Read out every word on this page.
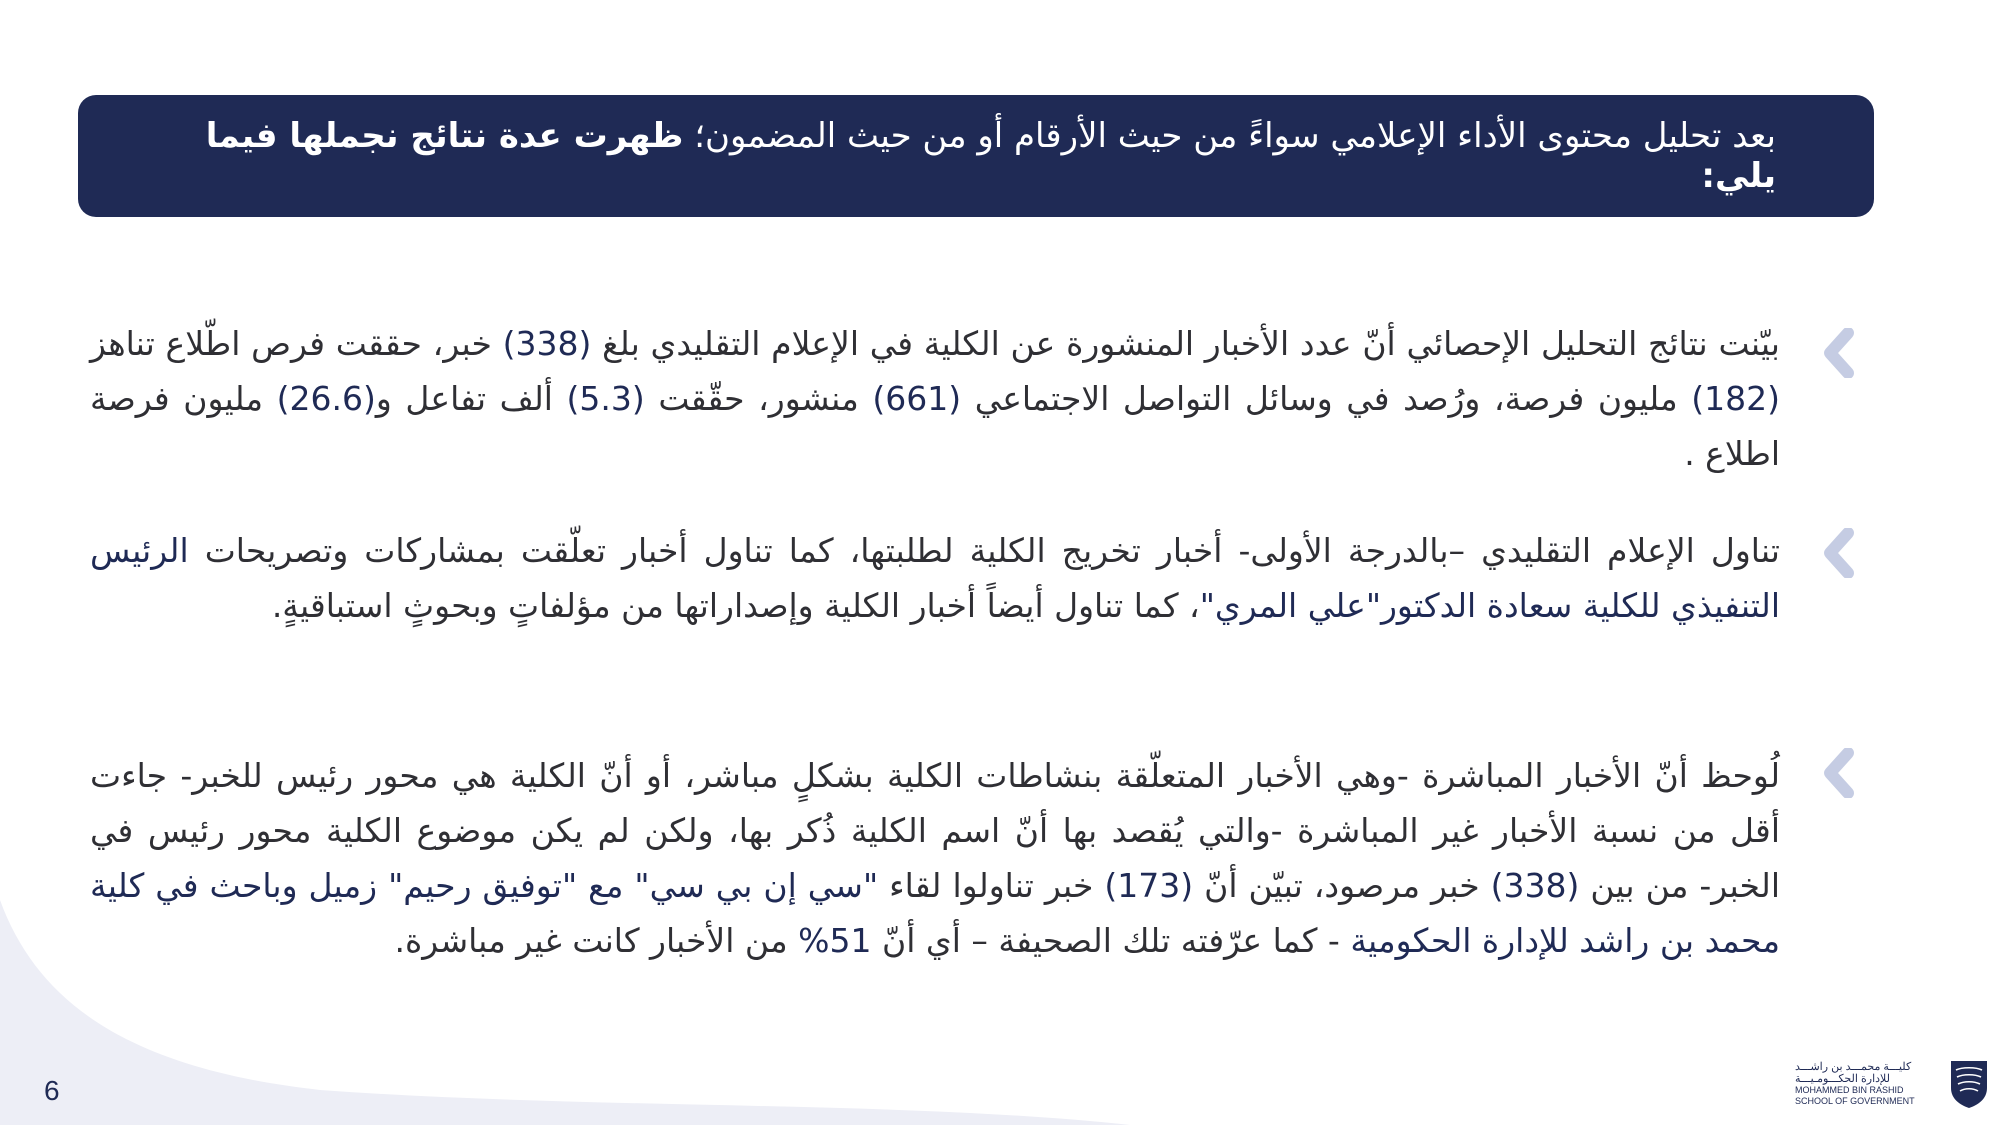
بعد تحليل محتوى الأداء الإعلامي سواءً من حيث الأرقام أو من حيث المضمون؛ ظهرت عدة نتائج نجملها فيما يلي:
بيّنت نتائج التحليل الإحصائي أنّ عدد الأخبار المنشورة عن الكلية في الإعلام التقليدي بلغ (338) خبر، حققت فرص اطّلاع تناهز (182) مليون فرصة، ورُصد في وسائل التواصل الاجتماعي (661) منشور، حقّقت (5.3) ألف تفاعل و(26.6) مليون فرصة اطلاع .
تناول الإعلام التقليدي –بالدرجة الأولى- أخبار تخريج الكلية لطلبتها، كما تناول أخبار تعلّقت بمشاركات وتصريحات الرئيس التنفيذي للكلية سعادة الدكتور"علي المري"، كما تناول أيضاً أخبار الكلية وإصداراتها من مؤلفاتٍ وبحوثٍ استباقيةٍ.
لُوحظ أنّ الأخبار المباشرة -وهي الأخبار المتعلّقة بنشاطات الكلية بشكلٍ مباشر، أو أنّ الكلية هي محور رئيس للخبر- جاءت أقل من نسبة الأخبار غير المباشرة -والتي يُقصد بها أنّ اسم الكلية ذُكر بها، ولكن لم يكن موضوع الكلية محور رئيس في الخبر- من بين (338) خبر مرصود، تبيّن أنّ (173) خبر تناولوا لقاء "سي إن بي سي" مع "توفيق رحيم" زميل وباحث في كلية محمد بن راشد للإدارة الحكومية - كما عرّفته تلك الصحيفة – أي أنّ 51% من الأخبار كانت غير مباشرة.
6
كليـــة محمـــد بن راشـــد
للإدارة الحكـــومـيـــة
MOHAMMED BIN RASHID
SCHOOL OF GOVERNMENT
